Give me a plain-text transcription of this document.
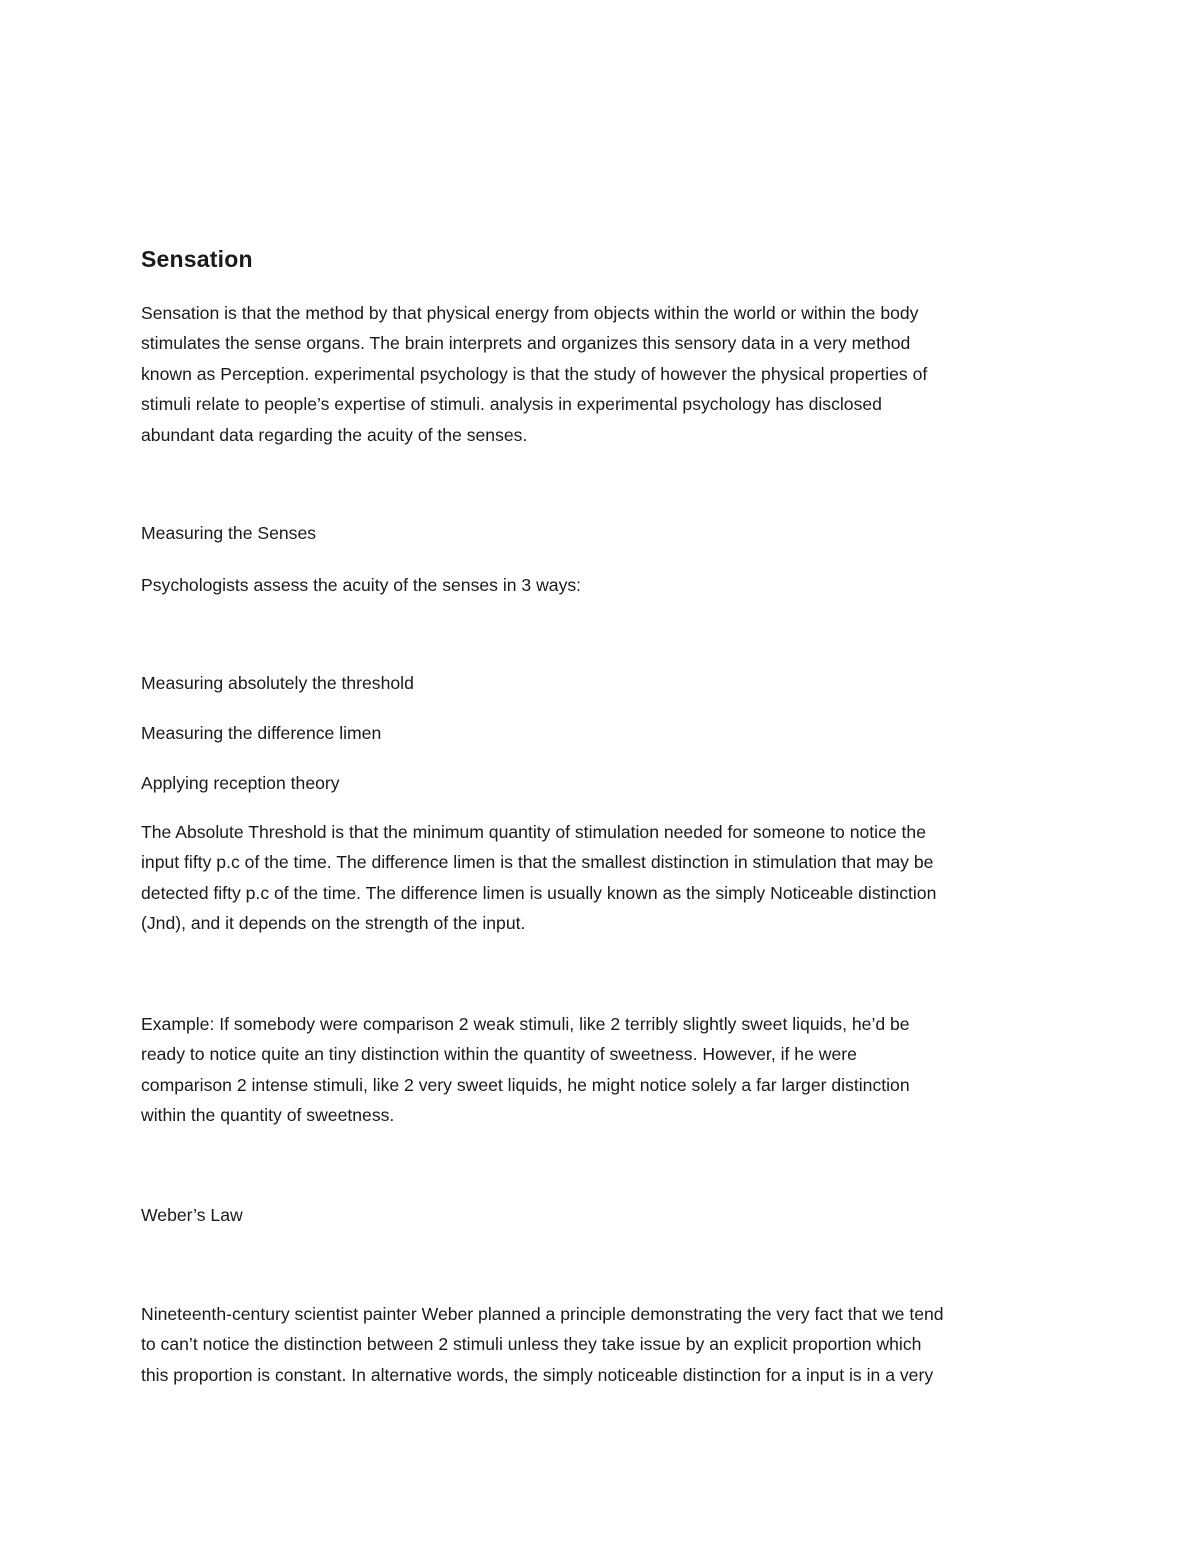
Sensation

Sensation is that the method by that physical energy from objects within the world or within the body
stimulates the sense organs. The brain interprets and organizes this sensory data in a very method
known as Perception. experimental psychology is that the study of however the physical properties of
stimuli relate to people’s expertise of stimuli. analysis in experimental psychology has disclosed
abundant data regarding the acuity of the senses.

Measuring the Senses

Psychologists assess the acuity of the senses in 3 ways:

Measuring absolutely the threshold

Measuring the difference limen

Applying reception theory

The Absolute Threshold is that the minimum quantity of stimulation needed for someone to notice the
input fifty p.c of the time. The difference limen is that the smallest distinction in stimulation that may be
detected fifty p.c of the time. The difference limen is usually known as the simply Noticeable distinction
(Jnd), and it depends on the strength of the input.

Example: If somebody were comparison 2 weak stimuli, like 2 terribly slightly sweet liquids, he’d be
ready to notice quite an tiny distinction within the quantity of sweetness. However, if he were
comparison 2 intense stimuli, like 2 very sweet liquids, he might notice solely a far larger distinction
within the quantity of sweetness.

Weber’s Law

Nineteenth-century scientist painter Weber planned a principle demonstrating the very fact that we tend
to can’t notice the distinction between 2 stimuli unless they take issue by an explicit proportion which
this proportion is constant. In alternative words, the simply noticeable distinction for a input is in a very
